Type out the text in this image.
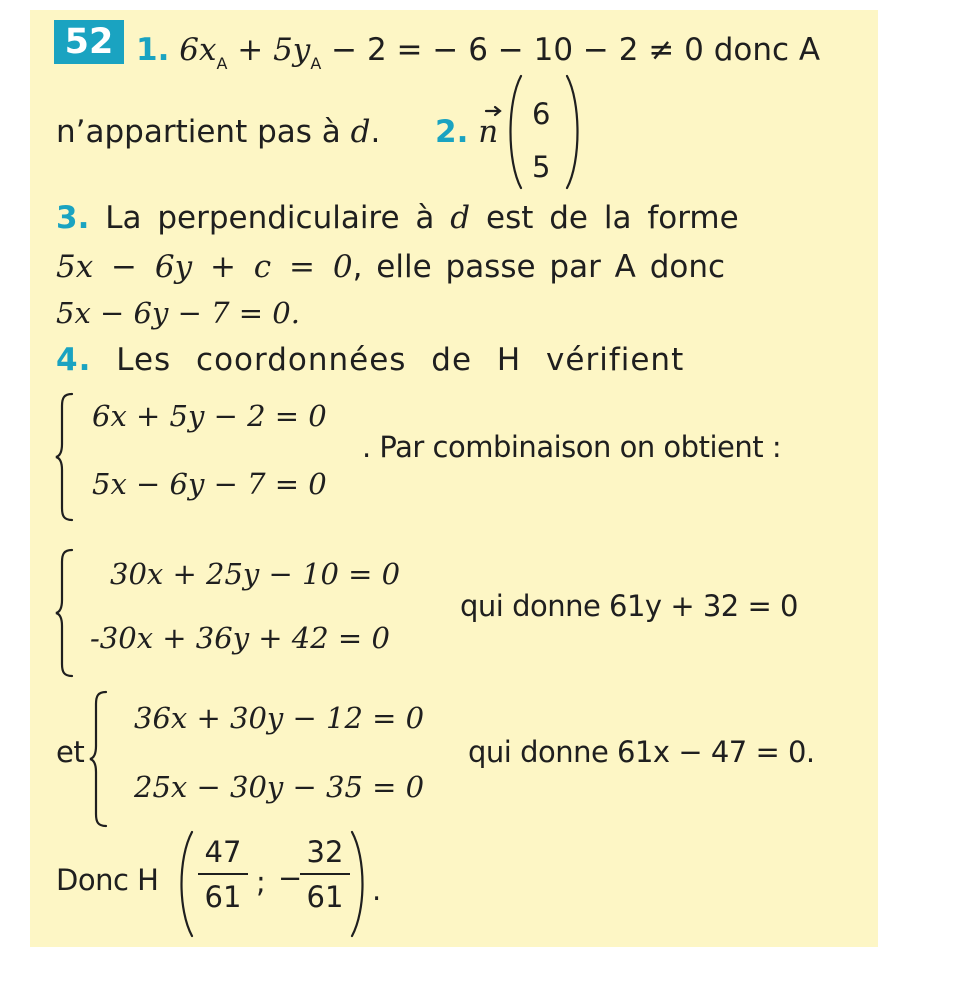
52 1. $6x_A + 5y_A - 2$ = − 6 − 10 − 2 ≠ 0 donc A
n’appartient pas à d. 2. n 6
5
3. La perpendiculaire à d est de la forme
5x − 6y + c = 0, elle passe par A donc
5x − 6y − 7 = 0.
4. Les coordonnées de H vérifient
6x + 5y − 2 = 0
5x − 6y − 7 = 0
. Par combinaison on obtient :
30x + 25y − 10 = 0
-30x + 36y + 42 = 0
qui donne 61y + 32 = 0
et
36x + 30y − 12 = 0
25x − 30y − 35 = 0
qui donne 61x − 47 = 0.
Donc H
47
61 ; −
32
61 .
